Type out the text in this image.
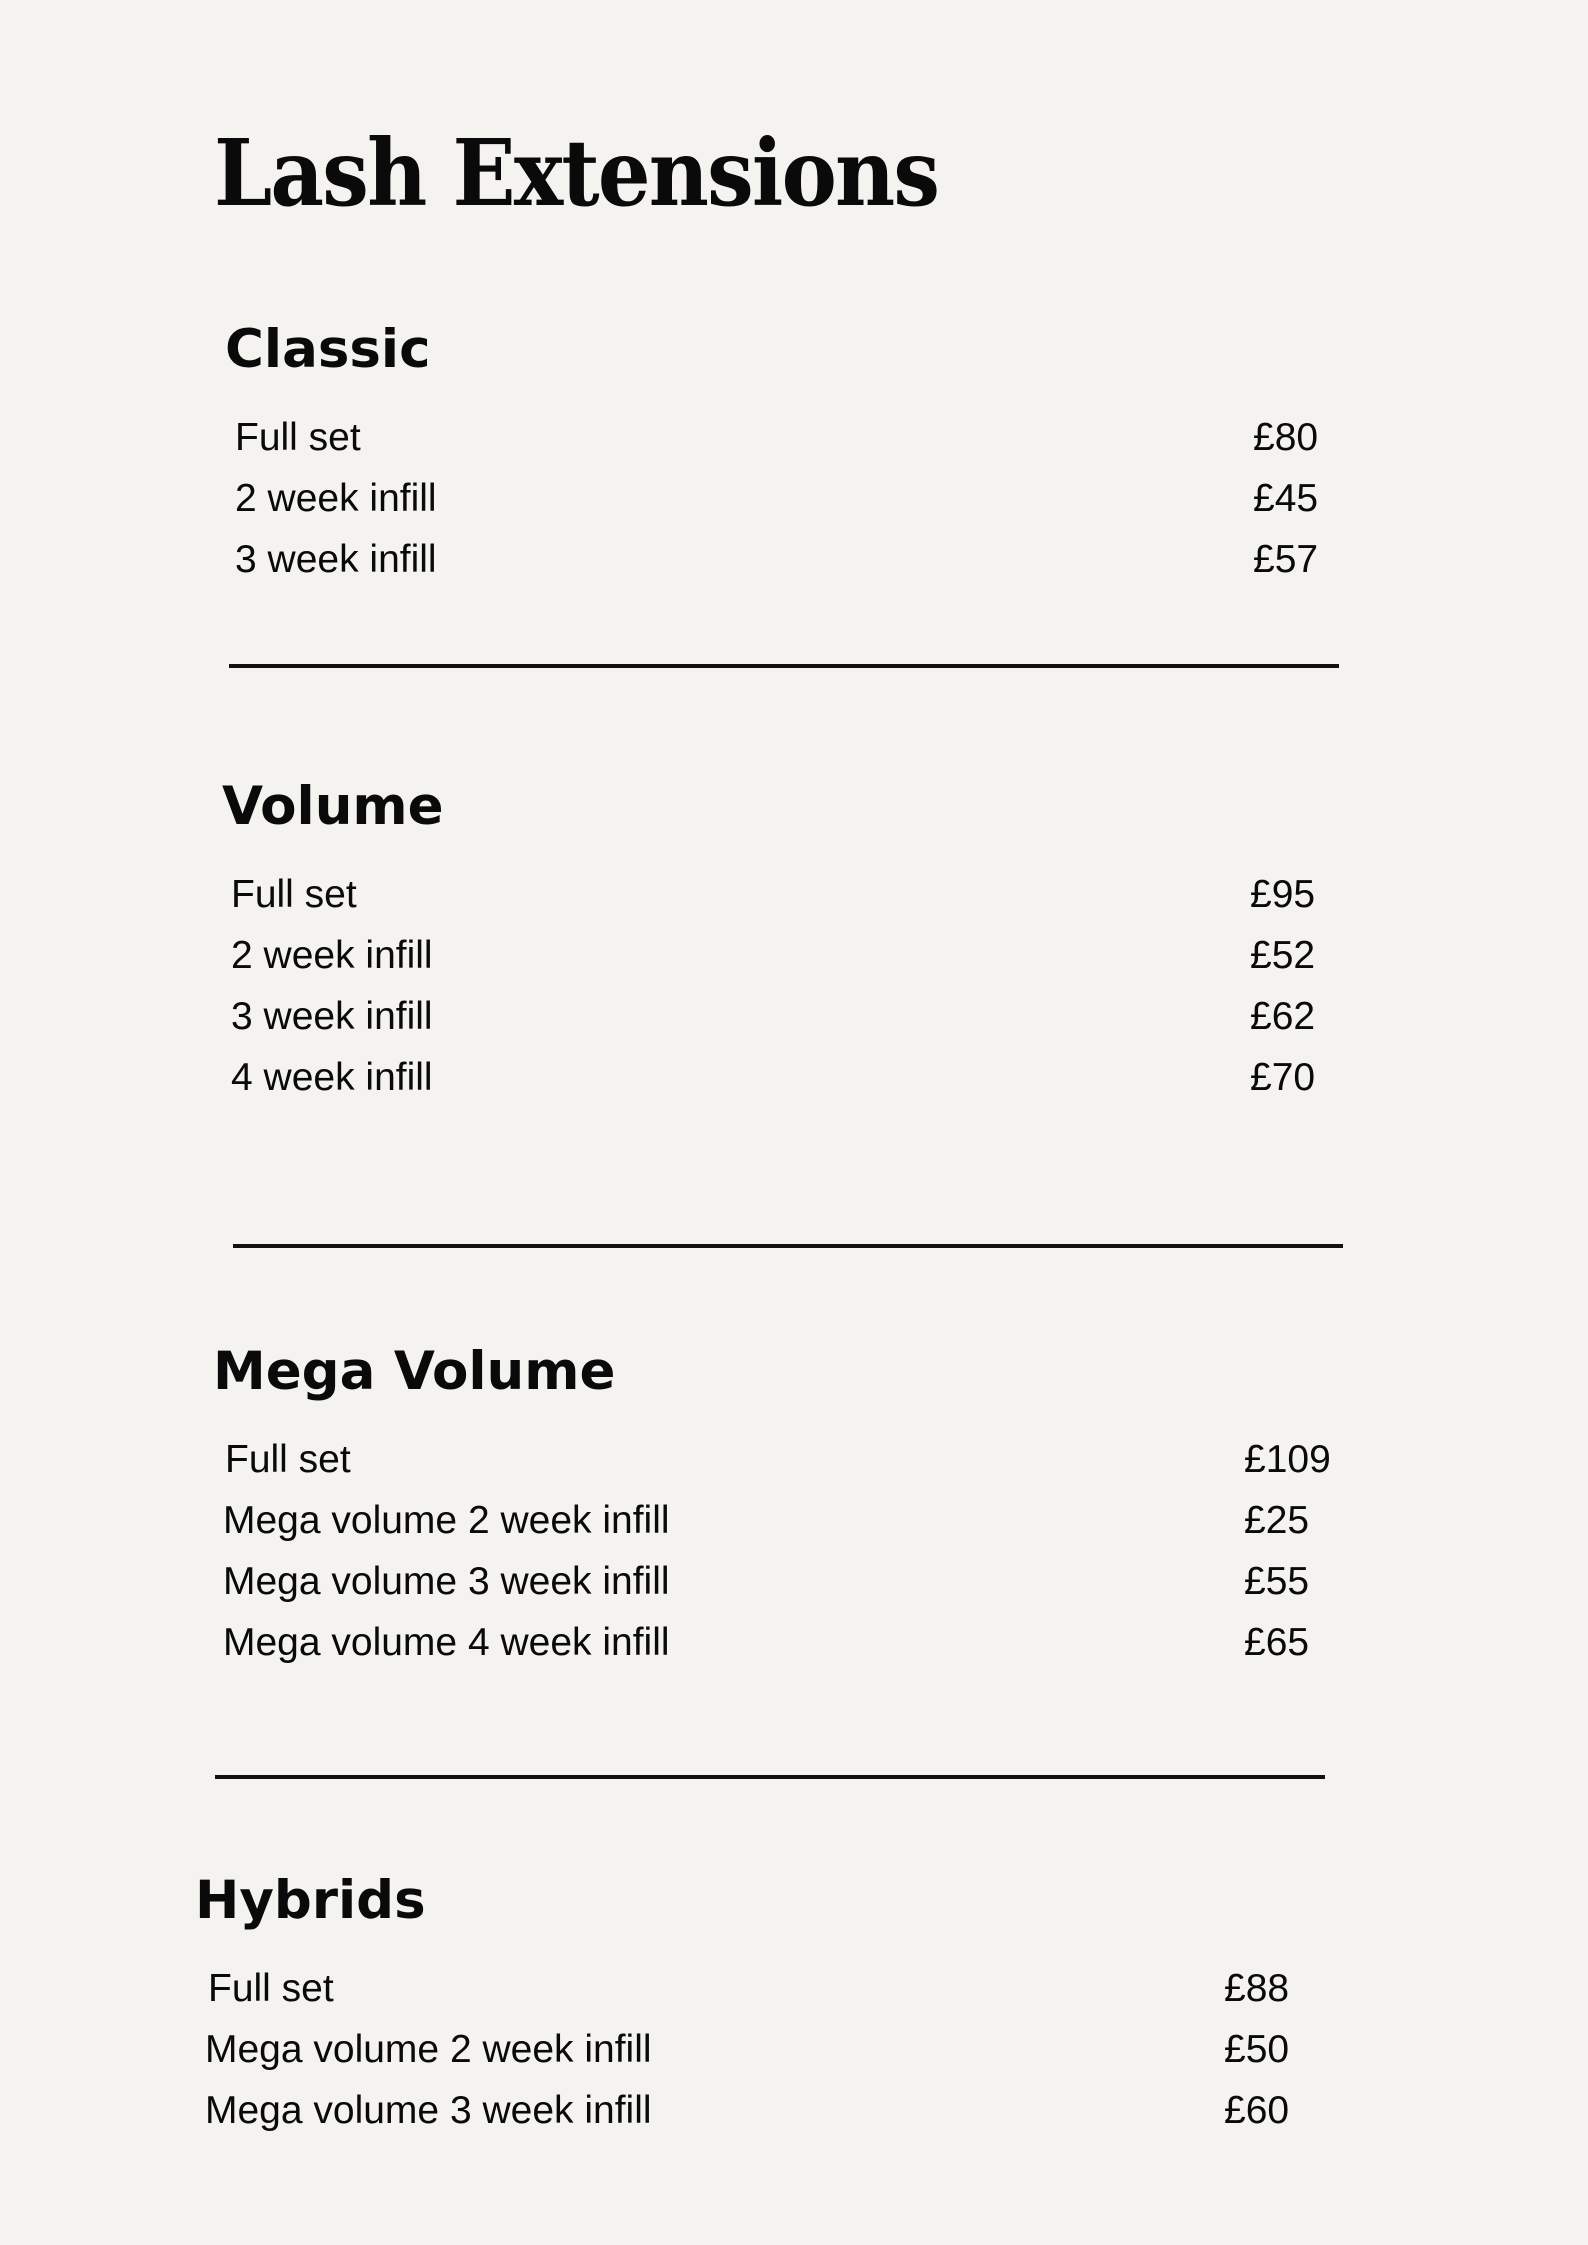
Lash Extensions
Classic
Full set	£80
2 week infill	£45
3 week infill	£57
Volume
Full set	£95
2 week infill	£52
3 week infill	£62
4 week infill	£70
Mega Volume
Full set	£109
Mega volume 2 week infill	£25
Mega volume 3 week infill	£55
Mega volume 4 week infill	£65
Hybrids
Full set	£88
Mega volume 2 week infill	£50
Mega volume 3 week infill	£60
